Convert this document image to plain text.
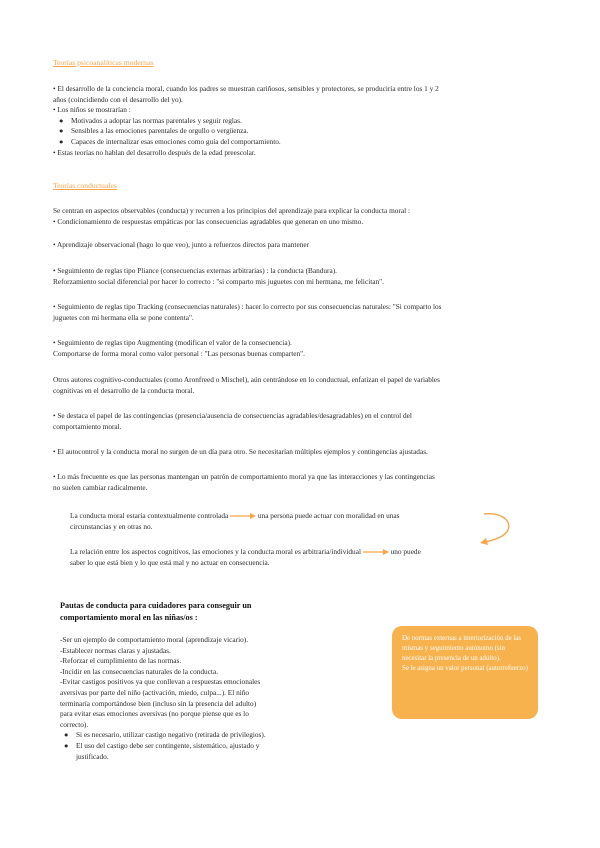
Teorías psicoanalíticas modernas
• El desarrollo de la conciencia moral, cuando los padres se muestran cariñosos, sensibles y protectores, se produciría entre los 1 y 2
años (coincidiendo con el desarrollo del yo).
• Los niños se mostrarían :
●	Motivados a adoptar las normas parentales y seguir reglas.
●	Sensibles a las emociones parentales de orgullo o vergüenza.
●	Capaces de internalizar esas emociones como guía del comportamiento.
• Estas teorías no hablan del desarrollo después de la edad preescolar.
Teorías conductuales
Se centran en aspectos observables (conducta) y recurren a los principios del aprendizaje para explicar la conducta moral :
• Condicionamiento de respuestas empáticas por las consecuencias agradables que generan en uno mismo.
• Aprendizaje observacional (hago lo que veo), junto a refuerzos directos para mantener
• Seguimiento de reglas tipo Pliance (consecuencias externas arbitrarias) : la conducta (Bandura).
Reforzamiento social diferencial por hacer lo correcto : "si comparto mis juguetes con mi hermana, me felicitan".
• Seguimiento de reglas tipo Tracking (consecuencias naturales) : hacer lo correcto por sus consecuencias naturales: "Si comparto los
juguetes con mi hermana ella se pone contenta".
• Seguimiento de reglas tipo Augmenting (modifican el valor de la consecuencia).
Comportarse de forma moral como valor personal : "Las personas buenas comparten".
Otros autores cognitivo-conductuales (como Aronfreed o Mischel), aún centrándose en lo conductual, enfatizan el papel de variables
cognitivas en el desarrollo de la conducta moral.
• Se destaca el papel de las contingencias (presencia/ausencia de consecuencias agradables/desagradables) en el control del
comportamiento moral.
• El autocontrol y la conducta moral no surgen de un día para otro. Se necesitarían múltiples ejemplos y contingencias ajustadas.
• Lo más frecuente es que las personas mantengan un patrón de comportamiento moral ya que las interacciones y las contingencias
no suelen cambiar radicalmente.
La conducta moral estaría contextualmente controlada	una persona puede actuar con moralidad en unas
circunstancias y en otras no.
La relación entre los aspectos cognitivos, las emociones y la conducta moral es arbitraria/individual	uno puede
saber lo que está bien y lo que está mal y no actuar en consecuencia.
Pautas de conducta para cuidadores para conseguir un
comportamiento moral en las niñas/os :
-Ser un ejemplo de comportamiento moral (aprendizaje vicario).
-Establecer normas claras y ajustadas.
-Reforzar el cumplimiento de las normas.
-Incidir en las consecuencias naturales de la conducta.
-Evitar castigos positivos ya que conllevan a respuestas emocionales
aversivas por parte del niño (activación, miedo, culpa...). El niño
terminaría comportándose bien (incluso sin la presencia del adulto)
para evitar esas emociones aversivas (no porque piense que es lo
correcto).
●	Si es necesario, utilizar castigo negativo (retirada de privilegios).
●	El uso del castigo debe ser contingente, sistemático, ajustado y
justificado.
De normas externas a interiorización de las mismas y seguimiento autónomo (sin necesitar la presencia de un adulto).
Se le asigna un valor personal (autorrefuerzo)
